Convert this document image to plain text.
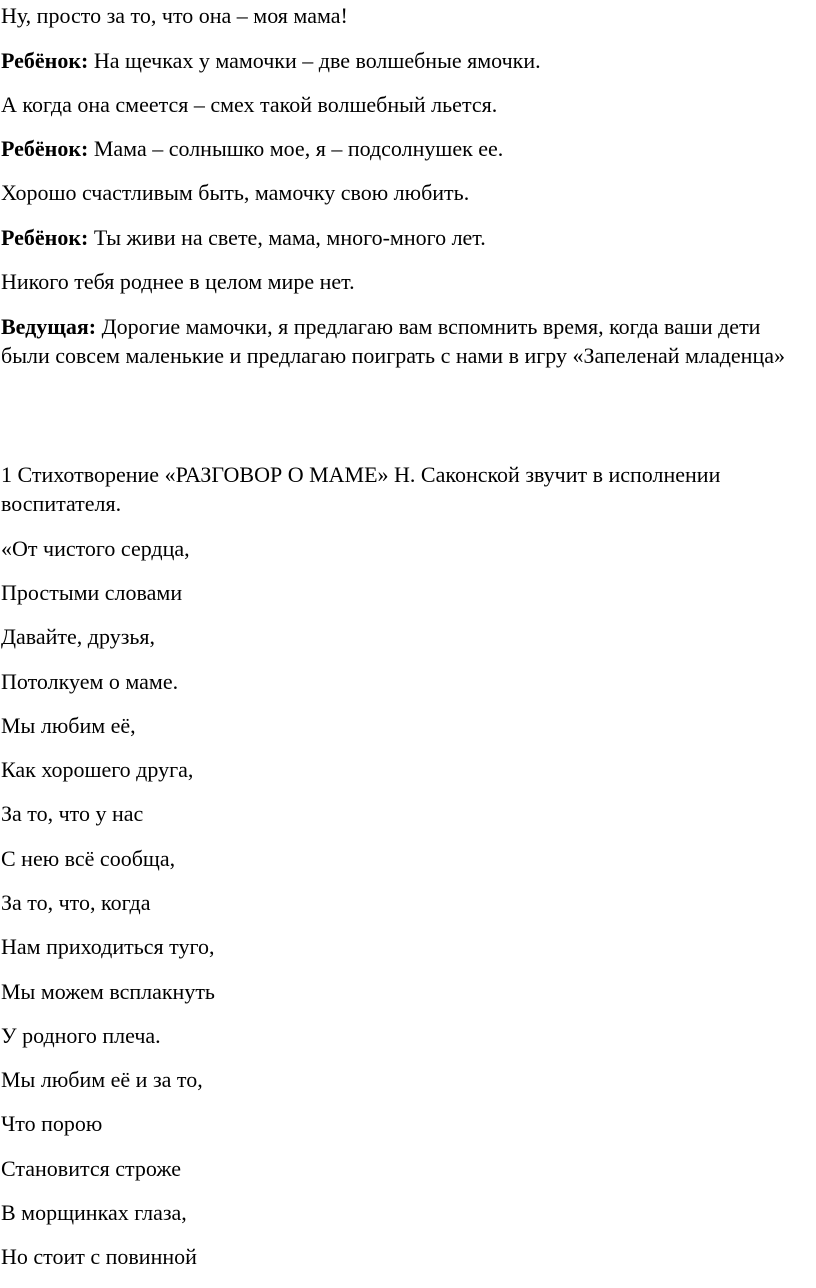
Ну, просто за то, что она – моя мама!

Ребёнок: На щечках у мамочки – две волшебные ямочки.

А когда она смеется – смех такой волшебный льется.

Ребёнок: Мама – солнышко мое, я – подсолнушек ее.

Хорошо счастливым быть, мамочку свою любить.

Ребёнок: Ты живи на свете, мама, много-много лет.

Никого тебя роднее в целом мире нет.

Ведущая: Дорогие мамочки, я предлагаю вам вспомнить время, когда ваши дети были совсем маленькие и предлагаю поиграть с нами в игру «Запеленай младенца»

1 Стихотворение «РАЗГОВОР О МАМЕ» Н. Саконской звучит в исполнении воспитателя.

«От чистого сердца,

Простыми словами

Давайте, друзья,

Потолкуем о маме.

Мы любим её,

Как хорошего друга,

За то, что у нас

С нею всё сообща,

За то, что, когда

Нам приходиться туго,

Мы можем всплакнуть

У родного плеча.

Мы любим её и за то,

Что порою

Становится строже

В морщинках глаза,

Но стоит с повинной
